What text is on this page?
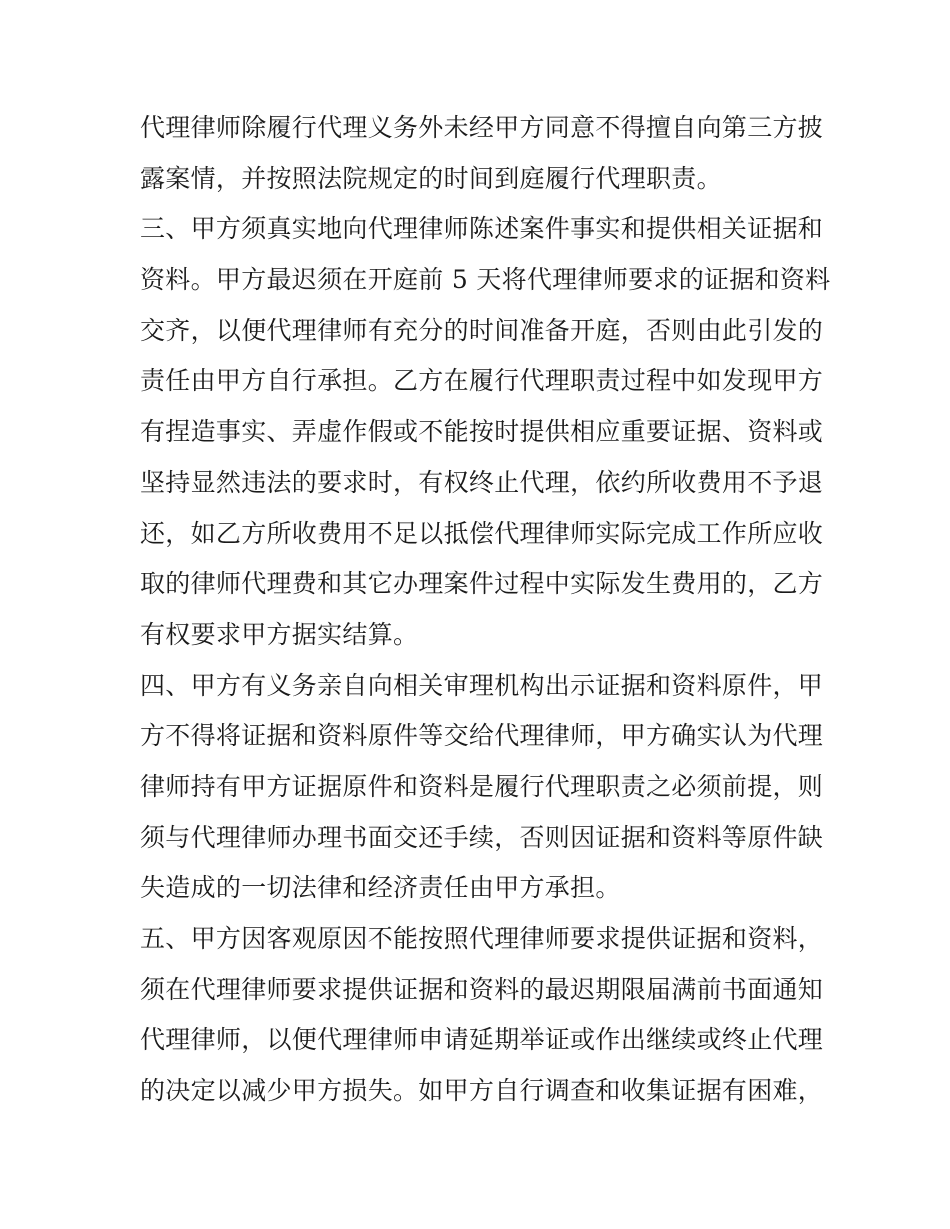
代理律师除履行代理义务外未经甲方同意不得擅自向第三方披
露案情，并按照法院规定的时间到庭履行代理职责。
三、甲方须真实地向代理律师陈述案件事实和提供相关证据和
资料。甲方最迟须在开庭前 5 天将代理律师要求的证据和资料
交齐，以便代理律师有充分的时间准备开庭，否则由此引发的
责任由甲方自行承担。乙方在履行代理职责过程中如发现甲方
有捏造事实、弄虚作假或不能按时提供相应重要证据、资料或
坚持显然违法的要求时，有权终止代理，依约所收费用不予退
还，如乙方所收费用不足以抵偿代理律师实际完成工作所应收
取的律师代理费和其它办理案件过程中实际发生费用的，乙方
有权要求甲方据实结算。
四、甲方有义务亲自向相关审理机构出示证据和资料原件，甲
方不得将证据和资料原件等交给代理律师，甲方确实认为代理
律师持有甲方证据原件和资料是履行代理职责之必须前提，则
须与代理律师办理书面交还手续，否则因证据和资料等原件缺
失造成的一切法律和经济责任由甲方承担。
五、甲方因客观原因不能按照代理律师要求提供证据和资料，
须在代理律师要求提供证据和资料的最迟期限届满前书面通知
代理律师，以便代理律师申请延期举证或作出继续或终止代理
的决定以减少甲方损失。如甲方自行调查和收集证据有困难，
